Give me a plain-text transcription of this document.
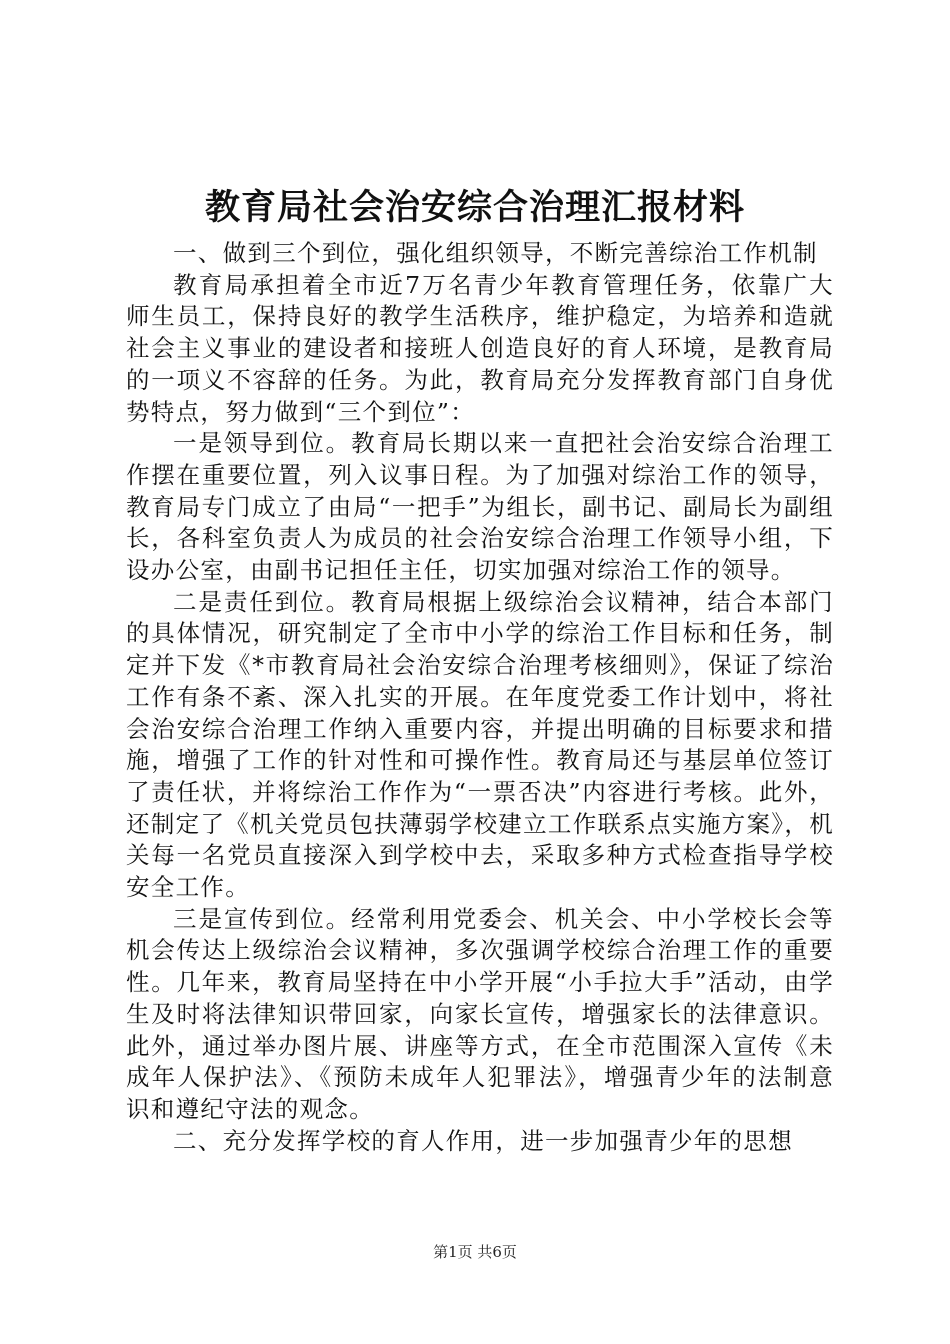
教育局社会治安综合治理汇报材料

一、做到三个到位，强化组织领导，不断完善综治工作机制

教育局承担着全市近7万名青少年教育管理任务，依靠广大师生员工，保持良好的教学生活秩序，维护稳定，为培养和造就社会主义事业的建设者和接班人创造良好的育人环境，是教育局的一项义不容辞的任务。为此，教育局充分发挥教育部门自身优势特点，努力做到“三个到位”：

一是领导到位。教育局长期以来一直把社会治安综合治理工作摆在重要位置，列入议事日程。为了加强对综治工作的领导，教育局专门成立了由局“一把手”为组长，副书记、副局长为副组长，各科室负责人为成员的社会治安综合治理工作领导小组，下设办公室，由副书记担任主任，切实加强对综治工作的领导。

二是责任到位。教育局根据上级综治会议精神，结合本部门的具体情况，研究制定了全市中小学的综治工作目标和任务，制定并下发《*市教育局社会治安综合治理考核细则》，保证了综治工作有条不紊、深入扎实的开展。在年度党委工作计划中，将社会治安综合治理工作纳入重要内容，并提出明确的目标要求和措施，增强了工作的针对性和可操作性。教育局还与基层单位签订了责任状，并将综治工作作为“一票否决”内容进行考核。此外，还制定了《机关党员包扶薄弱学校建立工作联系点实施方案》，机关每一名党员直接深入到学校中去，采取多种方式检查指导学校安全工作。

三是宣传到位。经常利用党委会、机关会、中小学校长会等机会传达上级综治会议精神，多次强调学校综合治理工作的重要性。几年来，教育局坚持在中小学开展“小手拉大手”活动，由学生及时将法律知识带回家，向家长宣传，增强家长的法律意识。此外，通过举办图片展、讲座等方式，在全市范围深入宣传《未成年人保护法》、《预防未成年人犯罪法》，增强青少年的法制意识和遵纪守法的观念。

二、充分发挥学校的育人作用，进一步加强青少年的思想

第1页 共6页
